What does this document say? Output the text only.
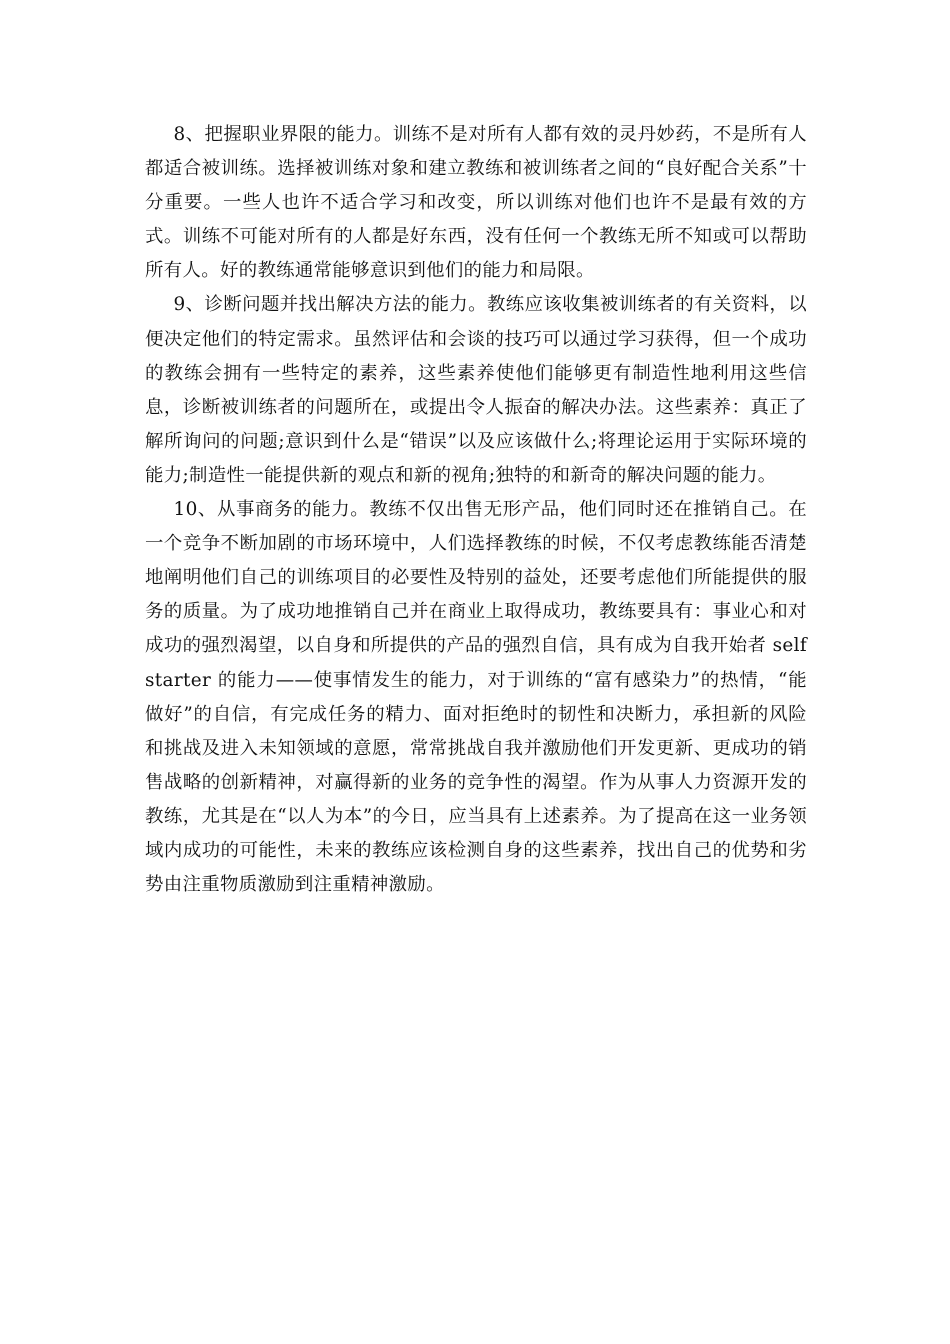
8、把握职业界限的能力。训练不是对所有人都有效的灵丹妙药，不是所有人都适合被训练。选择被训练对象和建立教练和被训练者之间的“良好配合关系”十分重要。一些人也许不适合学习和改变，所以训练对他们也许不是最有效的方式。训练不可能对所有的人都是好东西，没有任何一个教练无所不知或可以帮助所有人。好的教练通常能够意识到他们的能力和局限。

9、诊断问题并找出解决方法的能力。教练应该收集被训练者的有关资料，以便决定他们的特定需求。虽然评估和会谈的技巧可以通过学习获得，但一个成功的教练会拥有一些特定的素养，这些素养使他们能够更有制造性地利用这些信息，诊断被训练者的问题所在，或提出令人振奋的解决办法。这些素养：真正了解所询问的问题;意识到什么是“错误”以及应该做什么;将理论运用于实际环境的能力;制造性一能提供新的观点和新的视角;独特的和新奇的解决问题的能力。

10、从事商务的能力。教练不仅出售无形产品，他们同时还在推销自己。在一个竞争不断加剧的市场环境中，人们选择教练的时候，不仅考虑教练能否清楚地阐明他们自己的训练项目的必要性及特别的益处，还要考虑他们所能提供的服务的质量。为了成功地推销自己并在商业上取得成功，教练要具有：事业心和对成功的强烈渴望，以自身和所提供的产品的强烈自信，具有成为自我开始者 selfstarter 的能力——使事情发生的能力，对于训练的“富有感染力”的热情，“能做好”的自信，有完成任务的精力、面对拒绝时的韧性和决断力，承担新的风险和挑战及进入未知领域的意愿，常常挑战自我并激励他们开发更新、更成功的销售战略的创新精神，对赢得新的业务的竞争性的渴望。作为从事人力资源开发的教练，尤其是在“以人为本”的今日，应当具有上述素养。为了提高在这一业务领域内成功的可能性，未来的教练应该检测自身的这些素养，找出自己的优势和劣势由注重物质激励到注重精神激励。
